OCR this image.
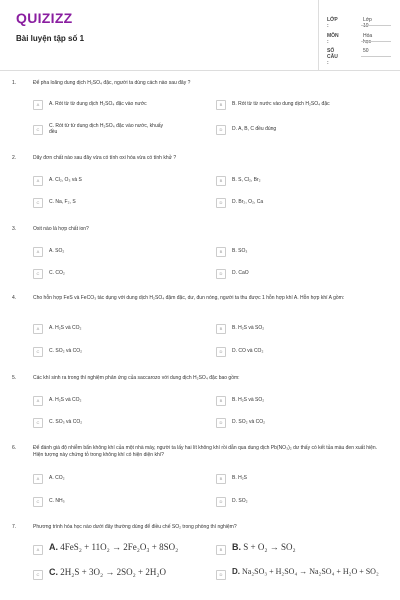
QUIZIZZ
Bài luyện tập số 1
LỚP :
Lớp 10
MÔN :
Hóa học
SỐ CÂU :
50
1.	Để pha loãng dung dịch H₂SO₄ đặc, người ta dùng cách nào sau đây ?
A	A. Rót từ từ dung dịch H₂SO₄ đặc vào nước	B	B. Rót từ từ nước vào dung dịch H₂SO₄ đặc
C
C. Rót từ từ dung dịch H₂SO₄ đặc vào nước, khuấy đều	D	D. A, B, C đều đúng
2.	Dãy đơn chất nào sau đây vừa có tính oxi hóa vừa có tính khử ?
A	A. Cl₂, O₃ và S	B	B. S, Cl₂, Br₂
C	C. Na, F₂, S	D	D. Br₂, O₂, Ca
3.	Oxit nào là hợp chất ion?
A	A. SO₂	B	B. SO₃
C	C. CO₂	D	D. CaO
4.	Cho hỗn hợp FeS và FeCO₃ tác dụng với dung dịch H₂SO₄ đậm đặc, dư, đun nóng, người ta thu được 1 hỗn hợp khí A. Hỗn hợp khí A gồm:
A	A. H₂S và CO₂	B	B. H₂S và SO₂
C	C. SO₂ và CO₂	D	D. CO và CO₂
5.	Các khí sinh ra trong thí nghiệm phản ứng của saccarozo với dung dịch H₂SO₄ đặc bao gồm:
A	A. H₂S và CO₂	B	B. H₂S và SO₂
C	C. SO₃ và CO₂	D	D. SO₂ và CO₂
6.	Để đánh giá độ nhiễm bẩn không khí của một nhà máy, người ta lấy hai lít không khí rồi dẫn qua dung dịch Pb(NO₃)₂ dư thấy có kết tủa màu đen xuất hiện. Hiện tượng này chứng tỏ trong không khí có hiện diện khí?
A	A. CO₂	B	B. H₂S
C	C. NH₃	D	D. SO₂
7.	Phương trình hóa học nào dưới đây thường dùng để điều chế SO₂ trong phòng thí nghiệm?
A	A. 4FeS₂ + 11O₂ → 2Fe₂O₃ + 8SO₂	B	B. S + O₂ → SO₂
C	C. 2H₂S + 3O₂ → 2SO₂ + 2H₂O	D	D. Na₂SO₃ + H₂SO₄ → Na₂SO₄ + H₂O + SO₂
